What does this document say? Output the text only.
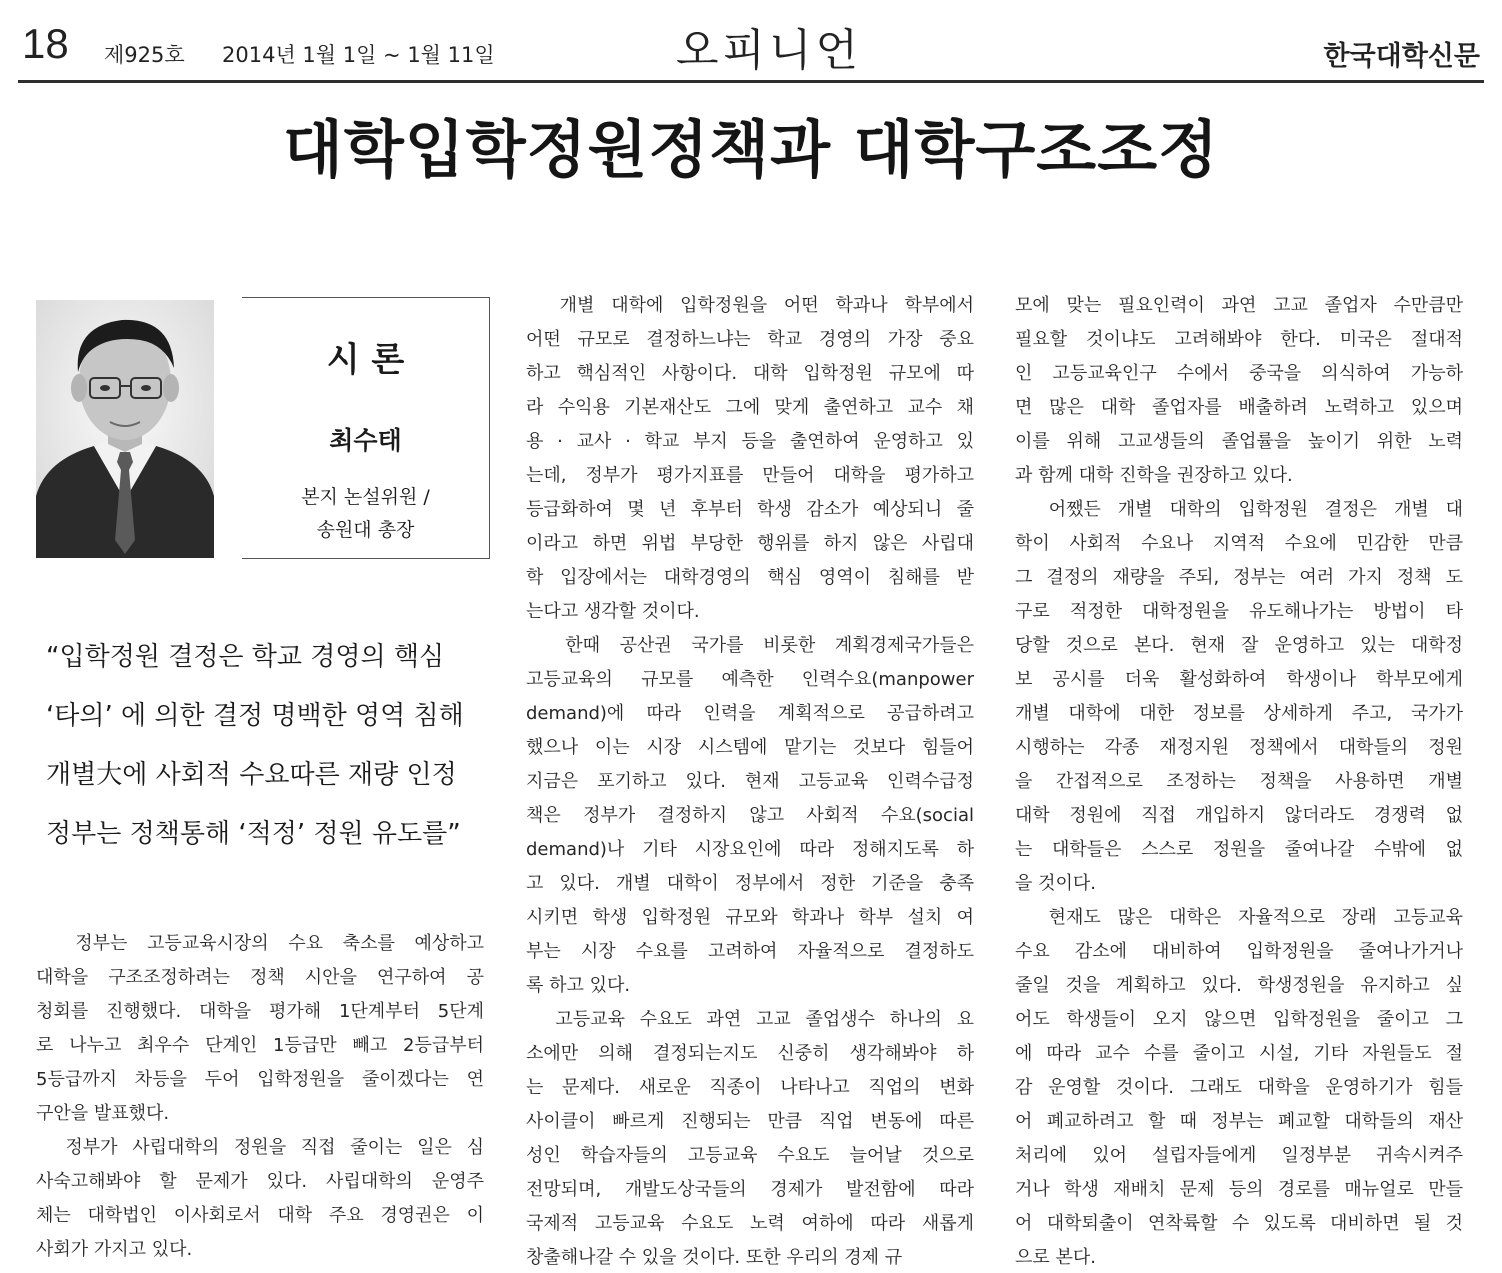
18 제925호 2014년 1월 1일 ~ 1월 11일	오피니언	한국대학신문
대학입학정원정책과 대학구조조정
시 론
최수태
본지 논설위원 /
송원대 총장
“입학정원 결정은 학교 경영의 핵심
‘타의’ 에 의한 결정 명백한 영역 침해
개별大에 사회적 수요따른 재량 인정
정부는 정책통해 ‘적정’ 정원 유도를”
정부는 고등교육시장의 수요 축소를 예상하고
대학을 구조조정하려는 정책 시안을 연구하여 공
청회를 진행했다. 대학을 평가해 1단계부터 5단계
로 나누고 최우수 단계인 1등급만 빼고 2등급부터
5등급까지 차등을 두어 입학정원을 줄이겠다는 연
구안을 발표했다.
정부가 사립대학의 정원을 직접 줄이는 일은 심
사숙고해봐야 할 문제가 있다. 사립대학의 운영주
체는 대학법인 이사회로서 대학 주요 경영권은 이
사회가 가지고 있다.
개별 대학에 입학정원을 어떤 학과나 학부에서
어떤 규모로 결정하느냐는 학교 경영의 가장 중요
하고 핵심적인 사항이다. 대학 입학정원 규모에 따
라 수익용 기본재산도 그에 맞게 출연하고 교수 채
용 · 교사 · 학교 부지 등을 출연하여 운영하고 있
는데, 정부가 평가지표를 만들어 대학을 평가하고
등급화하여 몇 년 후부터 학생 감소가 예상되니 줄
이라고 하면 위법 부당한 행위를 하지 않은 사립대
학 입장에서는 대학경영의 핵심 영역이 침해를 받
는다고 생각할 것이다.
한때 공산권 국가를 비롯한 계획경제국가들은
고등교육의 규모를 예측한 인력수요(manpower
demand)에 따라 인력을 계획적으로 공급하려고
했으나 이는 시장 시스템에 맡기는 것보다 힘들어
지금은 포기하고 있다. 현재 고등교육 인력수급정
책은 정부가 결정하지 않고 사회적 수요(social
demand)나 기타 시장요인에 따라 정해지도록 하
고 있다. 개별 대학이 정부에서 정한 기준을 충족
시키면 학생 입학정원 규모와 학과나 학부 설치 여
부는 시장 수요를 고려하여 자율적으로 결정하도
록 하고 있다.
고등교육 수요도 과연 고교 졸업생수 하나의 요
소에만 의해 결정되는지도 신중히 생각해봐야 하
는 문제다. 새로운 직종이 나타나고 직업의 변화
사이클이 빠르게 진행되는 만큼 직업 변동에 따른
성인 학습자들의 고등교육 수요도 늘어날 것으로
전망되며, 개발도상국들의 경제가 발전함에 따라
국제적 고등교육 수요도 노력 여하에 따라 새롭게
창출해나갈 수 있을 것이다. 또한 우리의 경제 규
모에 맞는 필요인력이 과연 고교 졸업자 수만큼만
필요할 것이냐도 고려해봐야 한다. 미국은 절대적
인 고등교육인구 수에서 중국을 의식하여 가능하
면 많은 대학 졸업자를 배출하려 노력하고 있으며
이를 위해 고교생들의 졸업률을 높이기 위한 노력
과 함께 대학 진학을 권장하고 있다.
어쨌든 개별 대학의 입학정원 결정은 개별 대
학이 사회적 수요나 지역적 수요에 민감한 만큼
그 결정의 재량을 주되, 정부는 여러 가지 정책 도
구로 적정한 대학정원을 유도해나가는 방법이 타
당할 것으로 본다. 현재 잘 운영하고 있는 대학정
보 공시를 더욱 활성화하여 학생이나 학부모에게
개별 대학에 대한 정보를 상세하게 주고, 국가가
시행하는 각종 재정지원 정책에서 대학들의 정원
을 간접적으로 조정하는 정책을 사용하면 개별
대학 정원에 직접 개입하지 않더라도 경쟁력 없
는 대학들은 스스로 정원을 줄여나갈 수밖에 없
을 것이다.
현재도 많은 대학은 자율적으로 장래 고등교육
수요 감소에 대비하여 입학정원을 줄여나가거나
줄일 것을 계획하고 있다. 학생정원을 유지하고 싶
어도 학생들이 오지 않으면 입학정원을 줄이고 그
에 따라 교수 수를 줄이고 시설, 기타 자원들도 절
감 운영할 것이다. 그래도 대학을 운영하기가 힘들
어 폐교하려고 할 때 정부는 폐교할 대학들의 재산
처리에 있어 설립자들에게 일정부분 귀속시켜주
거나 학생 재배치 문제 등의 경로를 매뉴얼로 만들
어 대학퇴출이 연착륙할 수 있도록 대비하면 될 것
으로 본다.
